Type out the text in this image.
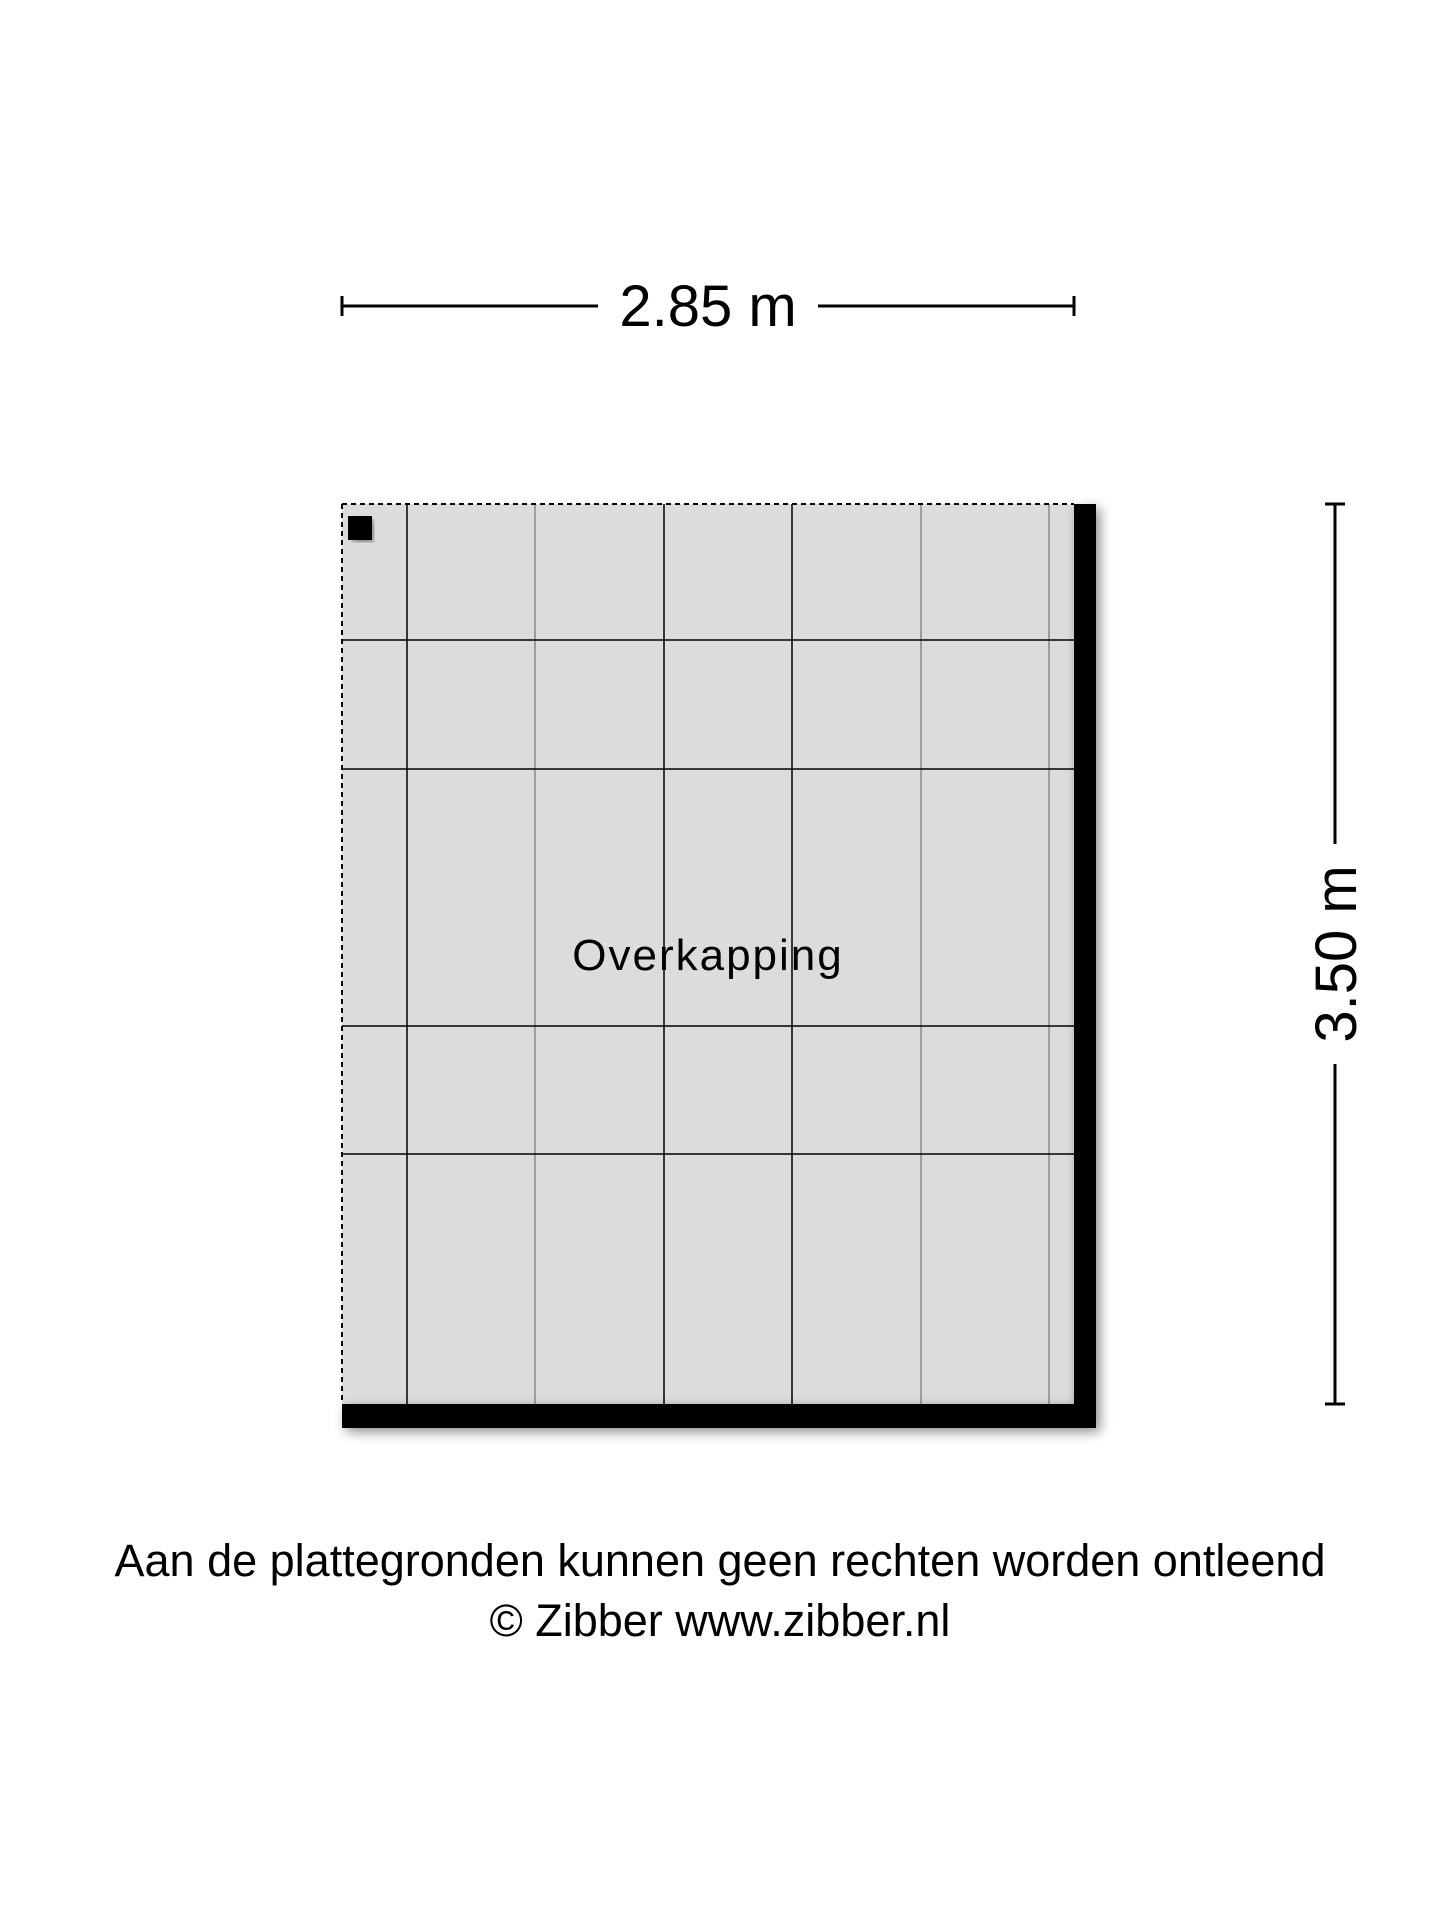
2.85 m
Overkapping	3.50 m
Aan de plattegronden kunnen geen rechten worden ontleend
© Zibber www.zibber.nl
